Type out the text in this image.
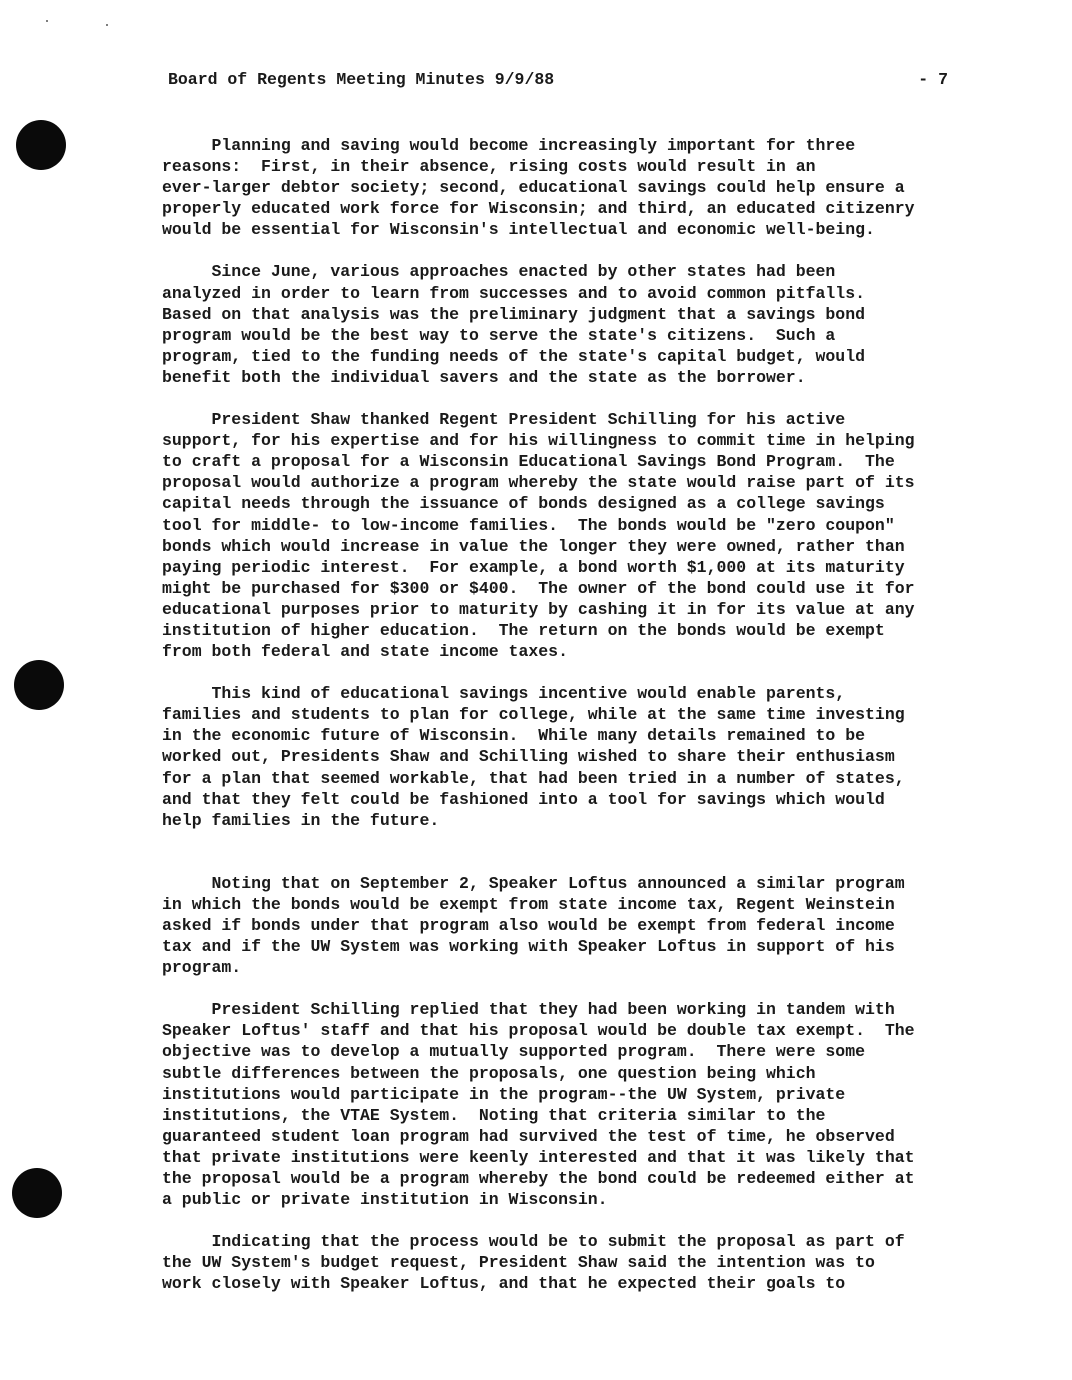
Board of Regents Meeting Minutes 9/9/88	- 7

Planning and saving would become increasingly important for three
reasons:  First, in their absence, rising costs would result in an
ever-larger debtor society; second, educational savings could help ensure a
properly educated work force for Wisconsin; and third, an educated citizenry
would be essential for Wisconsin's intellectual and economic well-being.

Since June, various approaches enacted by other states had been
analyzed in order to learn from successes and to avoid common pitfalls.
Based on that analysis was the preliminary judgment that a savings bond
program would be the best way to serve the state's citizens.  Such a
program, tied to the funding needs of the state's capital budget, would
benefit both the individual savers and the state as the borrower.

President Shaw thanked Regent President Schilling for his active
support, for his expertise and for his willingness to commit time in helping
to craft a proposal for a Wisconsin Educational Savings Bond Program.  The
proposal would authorize a program whereby the state would raise part of its
capital needs through the issuance of bonds designed as a college savings
tool for middle- to low-income families.  The bonds would be "zero coupon"
bonds which would increase in value the longer they were owned, rather than
paying periodic interest.  For example, a bond worth $1,000 at its maturity
might be purchased for $300 or $400.  The owner of the bond could use it for
educational purposes prior to maturity by cashing it in for its value at any
institution of higher education.  The return on the bonds would be exempt
from both federal and state income taxes.

This kind of educational savings incentive would enable parents,
families and students to plan for college, while at the same time investing
in the economic future of Wisconsin.  While many details remained to be
worked out, Presidents Shaw and Schilling wished to share their enthusiasm
for a plan that seemed workable, that had been tried in a number of states,
and that they felt could be fashioned into a tool for savings which would
help families in the future.

Noting that on September 2, Speaker Loftus announced a similar program
in which the bonds would be exempt from state income tax, Regent Weinstein
asked if bonds under that program also would be exempt from federal income
tax and if the UW System was working with Speaker Loftus in support of his
program.

President Schilling replied that they had been working in tandem with
Speaker Loftus' staff and that his proposal would be double tax exempt.  The
objective was to develop a mutually supported program.  There were some
subtle differences between the proposals, one question being which
institutions would participate in the program--the UW System, private
institutions, the VTAE System.  Noting that criteria similar to the
guaranteed student loan program had survived the test of time, he observed
that private institutions were keenly interested and that it was likely that
the proposal would be a program whereby the bond could be redeemed either at
a public or private institution in Wisconsin.

Indicating that the process would be to submit the proposal as part of
the UW System's budget request, President Shaw said the intention was to
work closely with Speaker Loftus, and that he expected their goals to
